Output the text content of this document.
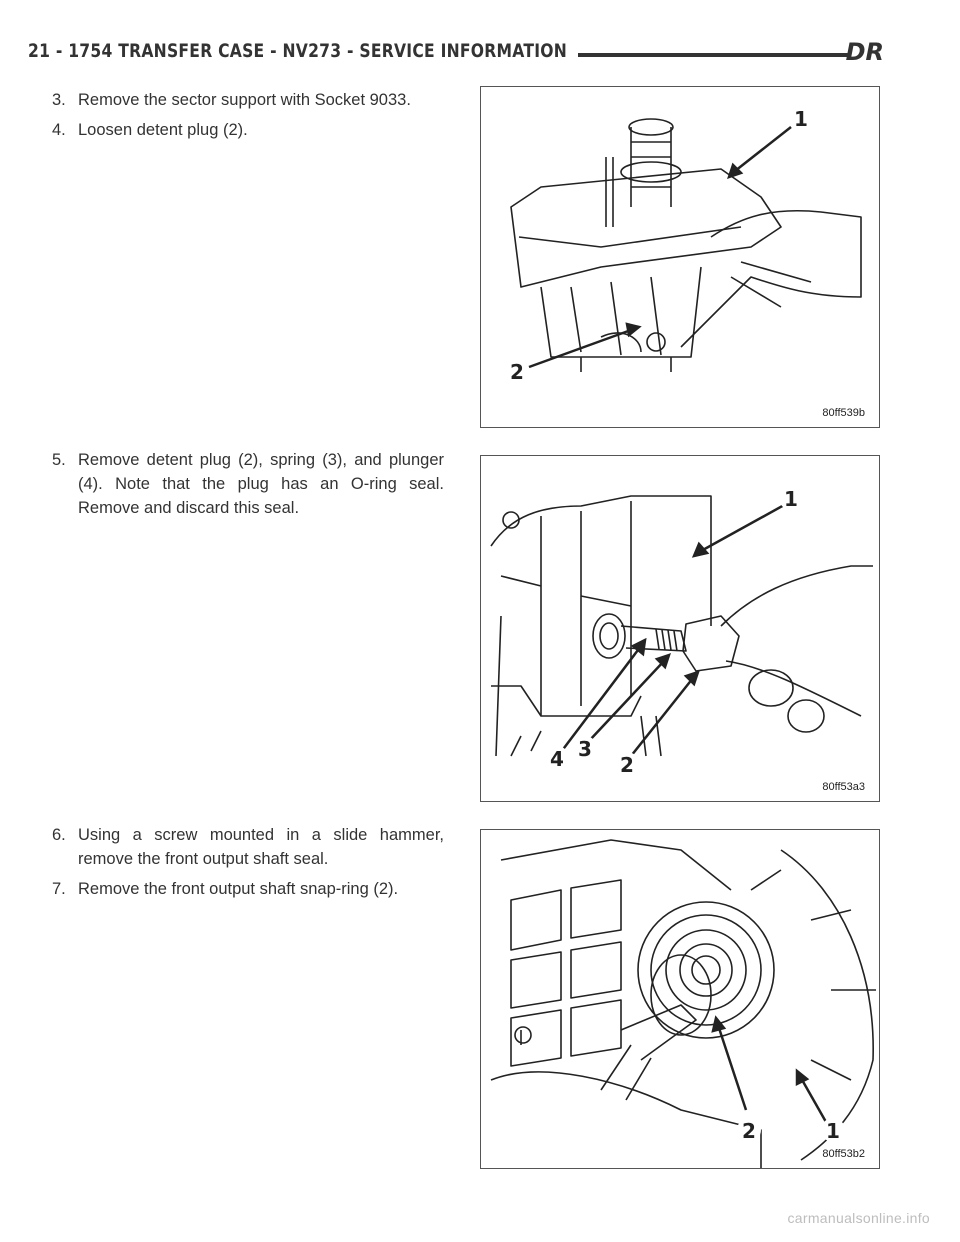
21 - 1754 TRANSFER CASE - NV273 - SERVICE INFORMATION	DR
3. Remove the sector support with Socket 9033.
4. Loosen detent plug (2).
5. Remove detent plug (2), spring (3), and plunger (4). Note that the plug has an O-ring seal. Remove and discard this seal.
6. Using a screw mounted in a slide hammer, remove the front output shaft seal.
7. Remove the front output shaft snap-ring (2).
1
2
80ff539b
1
4 3
2
80ff53a3
1
2
80ff53b2
carmanualsonline.info
